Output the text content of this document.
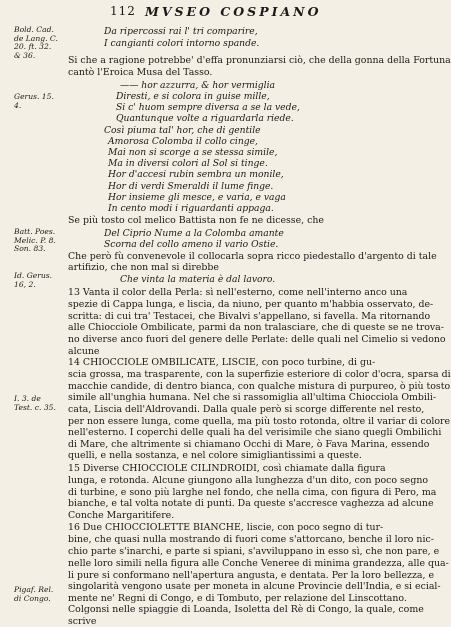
112 MVSEO COSPIANO
Bold. Cad.
de Lang. C.
20. ft. 32.
& 36.
Gerus. 15.
4.
Batt. Poes.
Melic. P. 8.
Son. 83.
Id. Gerus.
16, 2.
I. 3. de
Test. c. 35.
Pigaf. Rel.
di Congo.
Da ripercossi rai l' tri comparire,
I cangianti colori intorno spande.
Si che a ragione potrebbe' d'effa pronunziarsi ciò, che della gonna della Fortuna
cantò l'Eroica Musa del Tasso.
—— hor azzurra, & hor vermiglia
Diresti, e si colora in guise mille,
Si c' huom sempre diversa a se la vede,
Quantunque volte a riguardarla riede.
Così piuma tal' hor, che di gentile
Amorosa Colomba il collo cinge,
Mai non si scorge a se stessa simile,
Ma in diversi colori al Sol si tinge.
Hor d'accesi rubin sembra un monile,
Hor di verdi Smeraldi il lume finge.
Hor insieme gli mesce, e varia, e vaga
In cento modi i riguardanti appaga.
Se più tosto col melico Battista non fe ne dicesse, che
Del Ciprio Nume a la Colomba amante
Scorna del collo ameno il vario Ostie.
Che però fù convenevole il collocarla sopra ricco piedestallo d'argento di tale
artifizio, che non mal si direbbe
Che vinta la materia è dal lavoro.
13 Vanta il color della Perla: sì nell'esterno, come nell'interno anco una
spezie di Cappa lunga, e liscia, da niuno, per quanto m'habbia osservato, de-
scritta: di cui tra' Testacei, che Bivalvi s'appellano, si favella. Ma ritornando
alle Chiocciole Ombilicate, parmi da non tralasciare, che di queste se ne trova-
no diverse anco fuori del genere delle Perlate: delle quali nel Cimelio si vedono
alcune
14 CHIOCCIOLE OMBILICATE, LISCIE, con poco turbine, di gu-
scia grossa, ma trasparente, con la superfizie esteriore di color d'ocra, sparsa di
macchie candide, di dentro bianca, con qualche mistura di purpureo, ò più tosto
simile all'unghia humana. Nel che si rassomiglia all'ultima Chiocciola Ombili-
cata, Liscia dell'Aldrovandi. Dalla quale però si scorge differente nel resto,
per non essere lunga, come quella, ma più tosto rotonda, oltre il variar di colore
nell'esterno. I coperchi delle quali ha del verisimile che siano quegli Ombilichi
di Mare, che altrimente si chiamano Occhi di Mare, ò Fava Marina, essendo
quelli, e nella sostanza, e nel colore simigliantissimi a queste.
15 Diverse CHIOCCIOLE CILINDROIDI, così chiamate dalla figura
lunga, e rotonda. Alcune giungono alla lunghezza d'un dito, con poco segno
di turbine, e sono più larghe nel fondo, che nella cima, con figura di Pero, ma
bianche, e tal volta notate di punti. Da queste s'accresce vaghezza ad alcune
Conche Margaritifere.
16 Due CHIOCCIOLETTE BIANCHE, liscie, con poco segno di tur-
bine, che quasi nulla mostrando di fuori come s'attorcano, benche il loro nic-
chio parte s'inarchi, e parte si spiani, s'avviluppano in esso sì, che non pare, e
nelle loro simili nella figura alle Conche Veneree di minima grandezza, alle qua-
li pure si conformano nell'apertura angusta, e dentata. Per la loro bellezza, e
singolarità vengono usate per moneta in alcune Provincie dell'India, e si ecial-
mente ne' Regni di Congo, e di Tombuto, per relazione del Linscottano.
Colgonsi nelle spiaggie di Loanda, Isoletta del Rè di Congo, la quale, come
scrive
